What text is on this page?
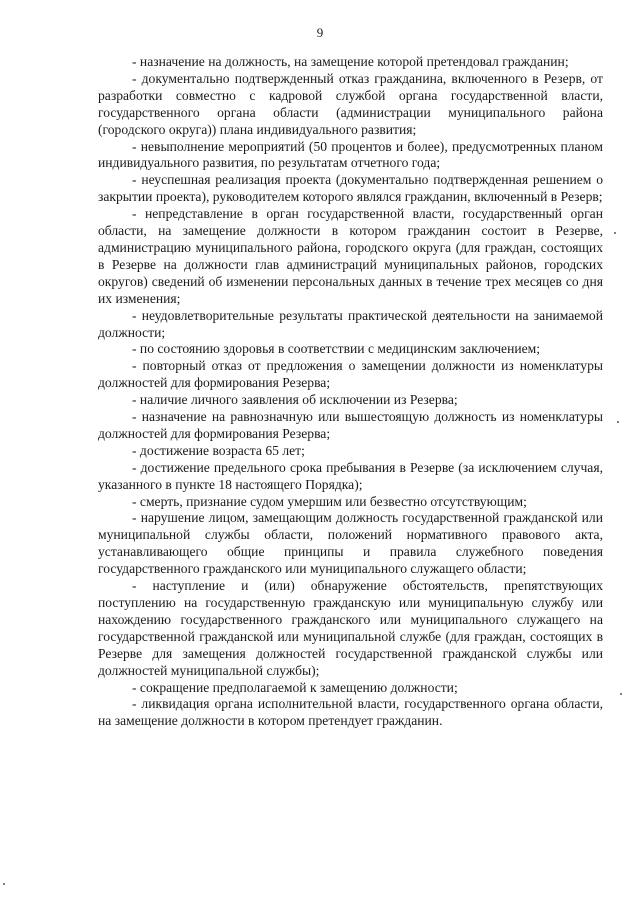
9

- назначение на должность, на замещение которой претендовал гражданин;

- документально подтвержденный отказ гражданина, включенного в Резерв, от разработки совместно с кадровой службой органа государственной власти, государственного органа области (администрации муниципального района (городского округа)) плана индивидуального развития;

- невыполнение мероприятий (50 процентов и более), предусмотренных планом индивидуального развития, по результатам отчетного года;

- неуспешная реализация проекта (документально подтвержденная решением о закрытии проекта), руководителем которого являлся гражданин, включенный в Резерв;

- непредставление в орган государственной власти, государственный орган области, на замещение должности в котором гражданин состоит в Резерве, администрацию муниципального района, городского округа (для граждан, состоящих в Резерве на должности глав администраций муниципальных районов, городских округов) сведений об изменении персональных данных в течение трех месяцев со дня их изменения;

- неудовлетворительные результаты практической деятельности на занимаемой должности;

- по состоянию здоровья в соответствии с медицинским заключением;

- повторный отказ от предложения о замещении должности из номенклатуры должностей для формирования Резерва;

- наличие личного заявления об исключении из Резерва;

- назначение на равнозначную или вышестоящую должность из номенклатуры должностей для формирования Резерва;

- достижение возраста 65 лет;

- достижение предельного срока пребывания в Резерве (за исключением случая, указанного в пункте 18 настоящего Порядка);

- смерть, признание судом умершим или безвестно отсутствующим;

- нарушение лицом, замещающим должность государственной гражданской или муниципальной службы области, положений нормативного правового акта, устанавливающего общие принципы и правила служебного поведения государственного гражданского или муниципального служащего области;

- наступление и (или) обнаружение обстоятельств, препятствующих поступлению на государственную гражданскую или муниципальную службу или нахождению государственного гражданского или муниципального служащего на государственной гражданской или муниципальной службе (для граждан, состоящих в Резерве для замещения должностей государственной гражданской службы или должностей муниципальной службы);

- сокращение предполагаемой к замещению должности;

- ликвидация органа исполнительной власти, государственного органа области, на замещение должности в котором претендует гражданин.
